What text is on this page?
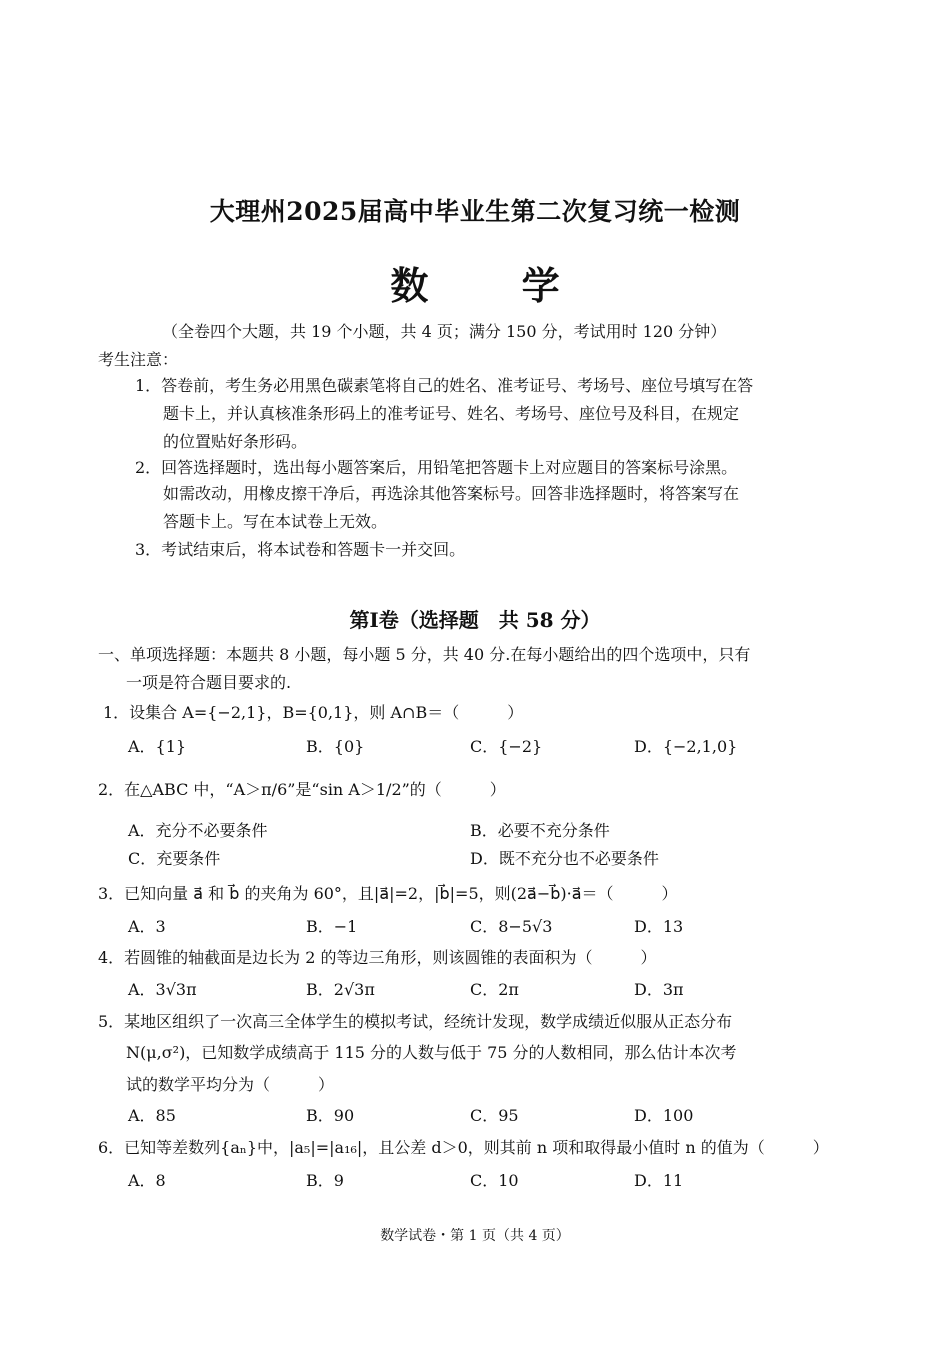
大理州2025届高中毕业生第二次复习统一检测
数 学
（全卷四个大题，共 19 个小题，共 4 页；满分 150 分，考试用时 120 分钟）
考生注意：
1．答卷前，考生务必用黑色碳素笔将自己的姓名、准考证号、考场号、座位号填写在答
题卡上，并认真核准条形码上的准考证号、姓名、考场号、座位号及科目，在规定
的位置贴好条形码。
2．回答选择题时，选出每小题答案后，用铅笔把答题卡上对应题目的答案标号涂黑。
如需改动，用橡皮擦干净后，再选涂其他答案标号。回答非选择题时，将答案写在
答题卡上。写在本试卷上无效。
3．考试结束后，将本试卷和答题卡一并交回。
第Ⅰ卷（选择题　共 58 分）
一、单项选择题：本题共 8 小题，每小题 5 分，共 40 分.在每小题给出的四个选项中，只有
一项是符合题目要求的.
1．设集合 A={−2,1}，B={0,1}，则 A∩B＝（　　　）
A．{1}	B．{0}	C．{−2}	D．{−2,1,0}
2．在△ABC 中，“A＞π/6”是“sin A＞1/2”的（　　　）
A．充分不必要条件	B．必要不充分条件
C．充要条件	D．既不充分也不必要条件
3．已知向量 a⃗ 和 b⃗ 的夹角为 60°，且|a⃗|=2，|b⃗|=5，则(2a⃗−b⃗)·a⃗＝（　　　）
A．3	B．−1	C．8−5√3	D．13
4．若圆锥的轴截面是边长为 2 的等边三角形，则该圆锥的表面积为（　　　）
A．3√3π	B．2√3π	C．2π	D．3π
5．某地区组织了一次高三全体学生的模拟考试，经统计发现，数学成绩近似服从正态分布
N(μ,σ²)，已知数学成绩高于 115 分的人数与低于 75 分的人数相同，那么估计本次考
试的数学平均分为（　　　）
A．85	B．90	C．95	D．100
6．已知等差数列{aₙ}中，|a₅|=|a₁₆|，且公差 d＞0，则其前 n 项和取得最小值时 n 的值为（　　　）
A．8	B．9	C．10	D．11
数学试卷・第 1 页（共 4 页）
